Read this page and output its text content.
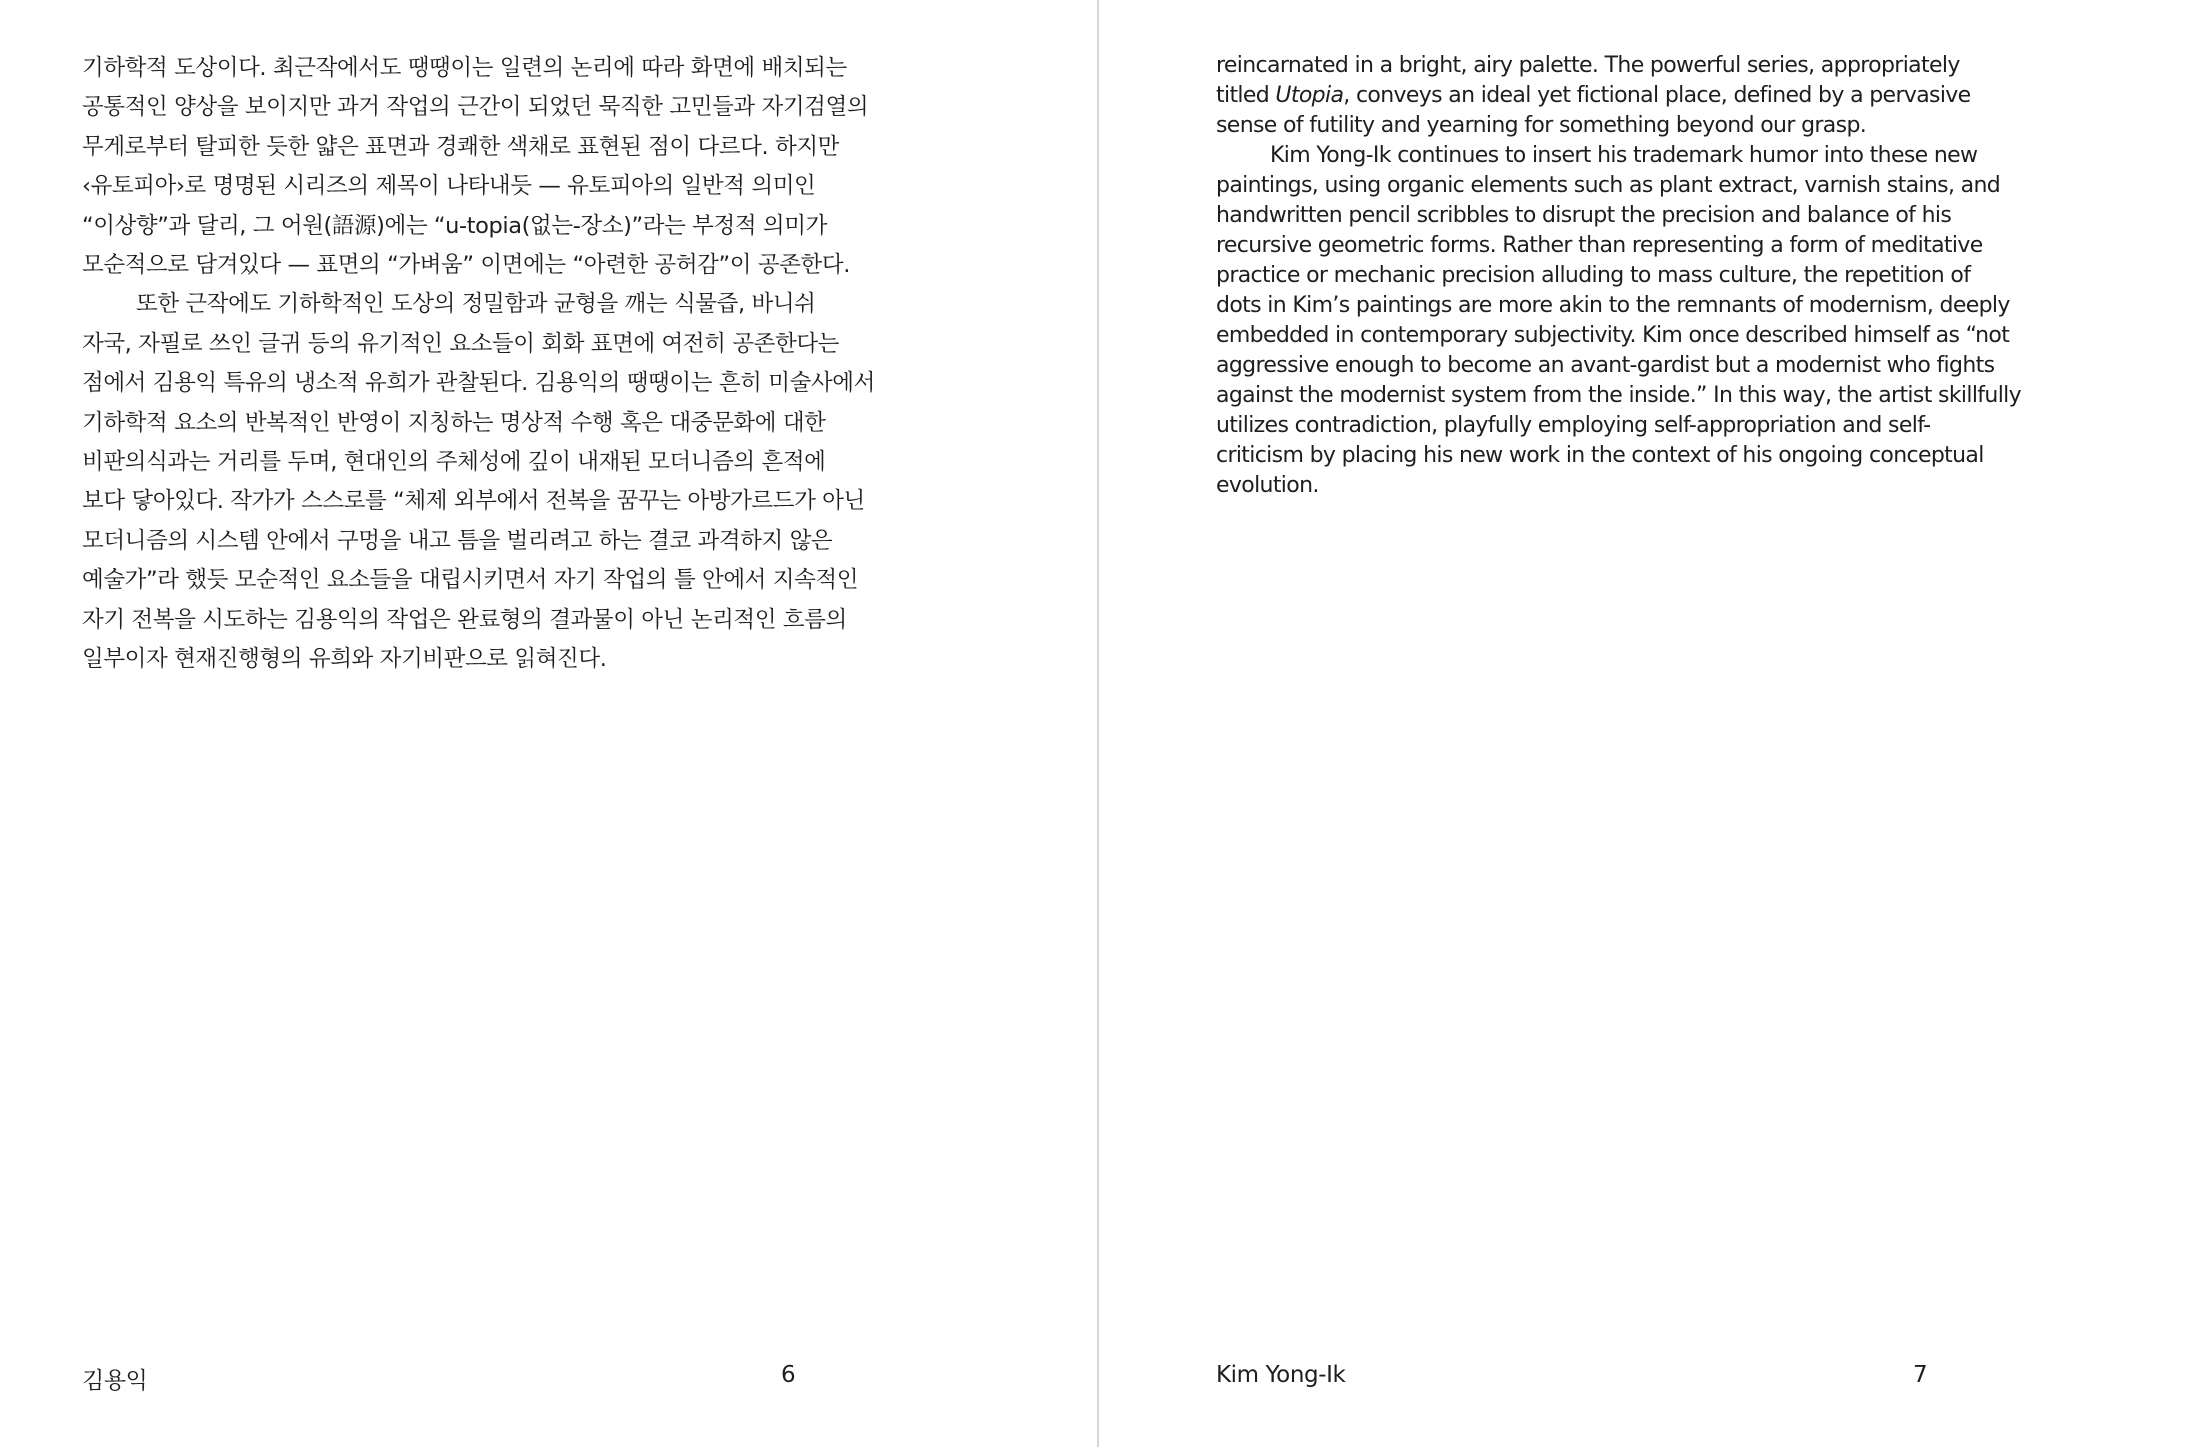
기하학적 도상이다. 최근작에서도 땡땡이는 일련의 논리에 따라 화면에 배치되는

공통적인 양상을 보이지만 과거 작업의 근간이 되었던 묵직한 고민들과 자기검열의

무게로부터 탈피한 듯한 얇은 표면과 경쾌한 색채로 표현된 점이 다르다. 하지만

‹유토피아›로 명명된 시리즈의 제목이 나타내듯 — 유토피아의 일반적 의미인

“이상향”과 달리, 그 어원(語源)에는 “u-topia(없는-장소)”라는 부정적 의미가

모순적으로 담겨있다 — 표면의 “가벼움” 이면에는 “아련한 공허감”이 공존한다.

또한 근작에도 기하학적인 도상의 정밀함과 균형을 깨는 식물즙, 바니쉬

자국, 자필로 쓰인 글귀 등의 유기적인 요소들이 회화 표면에 여전히 공존한다는

점에서 김용익 특유의 냉소적 유희가 관찰된다. 김용익의 땡땡이는 흔히 미술사에서

기하학적 요소의 반복적인 반영이 지칭하는 명상적 수행 혹은 대중문화에 대한

비판의식과는 거리를 두며, 현대인의 주체성에 깊이 내재된 모더니즘의 흔적에

보다 닿아있다. 작가가 스스로를 “체제 외부에서 전복을 꿈꾸는 아방가르드가 아닌

모더니즘의 시스템 안에서 구멍을 내고 틈을 벌리려고 하는 결코 과격하지 않은

예술가”라 했듯 모순적인 요소들을 대립시키면서 자기 작업의 틀 안에서 지속적인

자기 전복을 시도하는 김용익의 작업은 완료형의 결과물이 아닌 논리적인 흐름의

일부이자 현재진행형의 유희와 자기비판으로 읽혀진다.

김용익	6

reincarnated in a bright, airy palette. The powerful series, appropriately

titled Utopia, conveys an ideal yet fictional place, defined by a pervasive

sense of futility and yearning for something beyond our grasp.

Kim Yong-Ik continues to insert his trademark humor into these new

paintings, using organic elements such as plant extract, varnish stains, and

handwritten pencil scribbles to disrupt the precision and balance of his

recursive geometric forms. Rather than representing a form of meditative

practice or mechanic precision alluding to mass culture, the repetition of

dots in Kim’s paintings are more akin to the remnants of modernism, deeply

embedded in contemporary subjectivity. Kim once described himself as “not

aggressive enough to become an avant-gardist but a modernist who fights

against the modernist system from the inside.” In this way, the artist skillfully

utilizes contradiction, playfully employing self-appropriation and self-

criticism by placing his new work in the context of his ongoing conceptual

evolution.

Kim Yong-Ik	7
